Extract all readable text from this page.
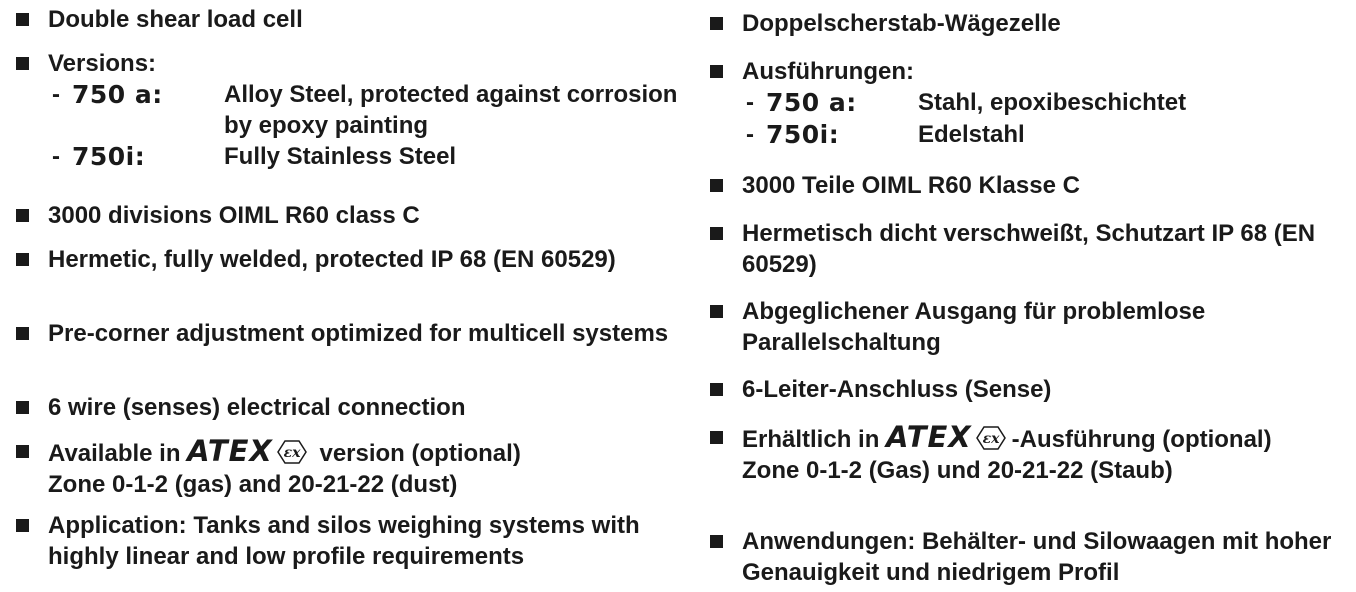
Double shear load cell
Versions:
- 750 a:	Alloy Steel, protected against corrosion by epoxy painting
- 750i:	Fully Stainless Steel
3000 divisions OIML R60 class C
Hermetic, fully welded, protected IP 68 (EN 60529)
Pre-corner adjustment optimized for multicell systems
6 wire (senses) electrical connection
Available in ATEX εx version (optional)
Zone 0-1-2 (gas) and 20-21-22 (dust)
Application: Tanks and silos weighing systems with highly linear and low profile requirements
Doppelscherstab-Wägezelle
Ausführungen:
- 750 a:	Stahl, epoxibeschichtet
- 750i:	Edelstahl
3000 Teile OIML R60 Klasse C
Hermetisch dicht verschweißt, Schutzart IP 68 (EN 60529)
Abgeglichener Ausgang für problemlose Parallelschaltung
6-Leiter-Anschluss (Sense)
Erhältlich in ATEX εx -Ausführung (optional)
Zone 0-1-2 (Gas) und 20-21-22 (Staub)
Anwendungen: Behälter- und Silowaagen mit hoher Genauigkeit und niedrigem Profil
